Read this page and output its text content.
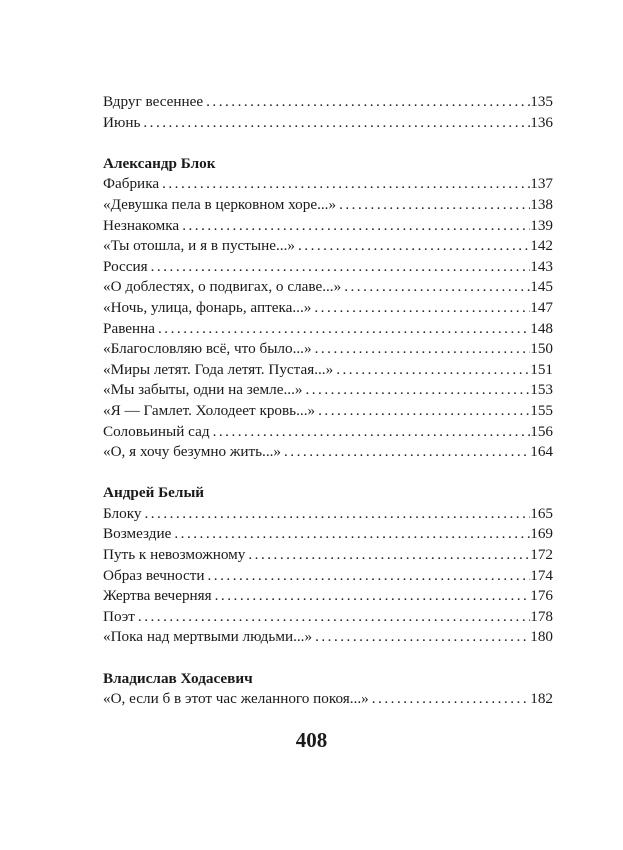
Вдруг весеннее . . .	135
Июнь . . .	136
Александр Блок
Фабрика . . .	137
«Девушка пела в церковном хоре...» . . .	138
Незнакомка . . .	139
«Ты отошла, и я в пустыне...» . . .	142
Россия . . .	143
«О доблестях, о подвигах, о славе...» . . .	145
«Ночь, улица, фонарь, аптека...» . . .	147
Равенна . . .	148
«Благословляю всё, что было...» . . .	150
«Миры летят. Года летят. Пустая...» . . .	151
«Мы забыты, одни на земле...» . . .	153
«Я — Гамлет. Холодеет кровь...» . . .	155
Соловьиный сад . . .	156
«О, я хочу безумно жить...» . . .	164
Андрей Белый
Блоку . . .	165
Возмездие . . .	169
Путь к невозможному . . .	172
Образ вечности . . .	174
Жертва вечерняя . . .	176
Поэт . . .	178
«Пока над мертвыми людьми...» . . .	180
Владислав Ходасевич
«О, если б в этот час желанного покоя...» . . .	182
408
